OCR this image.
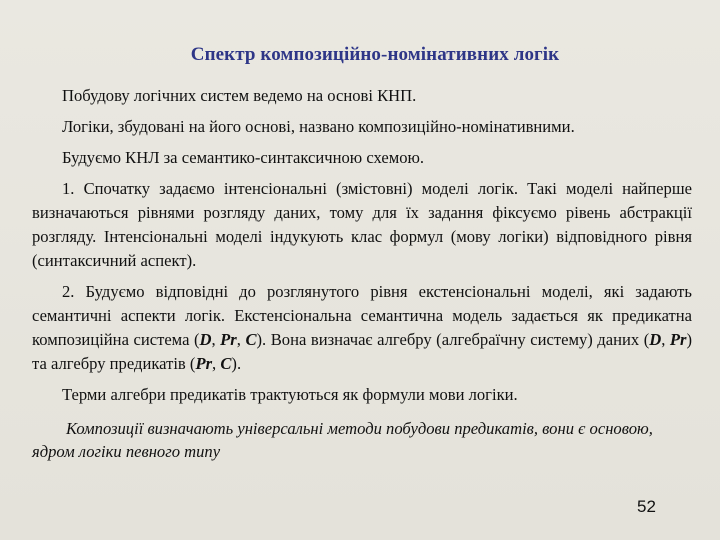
Спектр композиційно-номінативних логік

Побудову логічних систем ведемо на основі КНП.

Логіки, збудовані на його основі, названо композиційно-номінативними.

Будуємо КНЛ за семантико-синтаксичною схемою.

1. Спочатку задаємо інтенсіональні (змістовні) моделі логік. Такі моделі найперше визначаються рівнями розгляду даних, тому для їх задання фіксуємо рівень абстракції розгляду. Інтенсіональні моделі індукують клас формул (мову логіки) відповідного рівня (синтаксичний аспект).

2. Будуємо відповідні до розглянутого рівня екстенсіональні моделі, які задають семантичні аспекти логік. Екстенсіональна семантична модель задається як предикатна композиційна система (D, Pr, C). Вона визначає алгебру (алгебраїчну систему) даних (D, Pr) та алгебру предикатів (Pr, C).

Терми алгебри предикатів трактуються як формули мови логіки.

Композиції визначають універсальні методи побудови предикатів, вони є основою, ядром логіки певного типу

52
